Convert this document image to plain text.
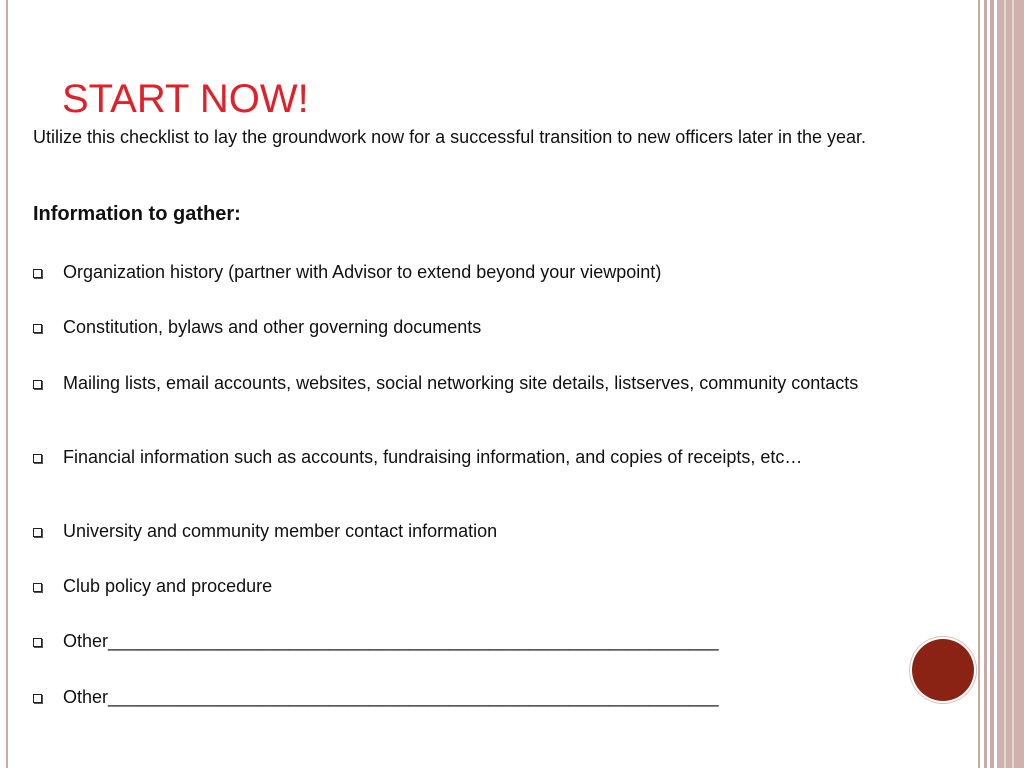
START NOW!

Utilize this checklist to lay the groundwork now for a successful transition to new officers later in the year.

Information to gather:

Organization history (partner with Advisor to extend beyond your viewpoint)

Constitution, bylaws and other governing documents

Mailing lists, email accounts, websites, social networking site details, listserves, community contacts

Financial information such as accounts, fundraising information, and copies of receipts, etc…

University and community member contact information

Club policy and procedure

Other_____________________________________________________________

Other_____________________________________________________________
